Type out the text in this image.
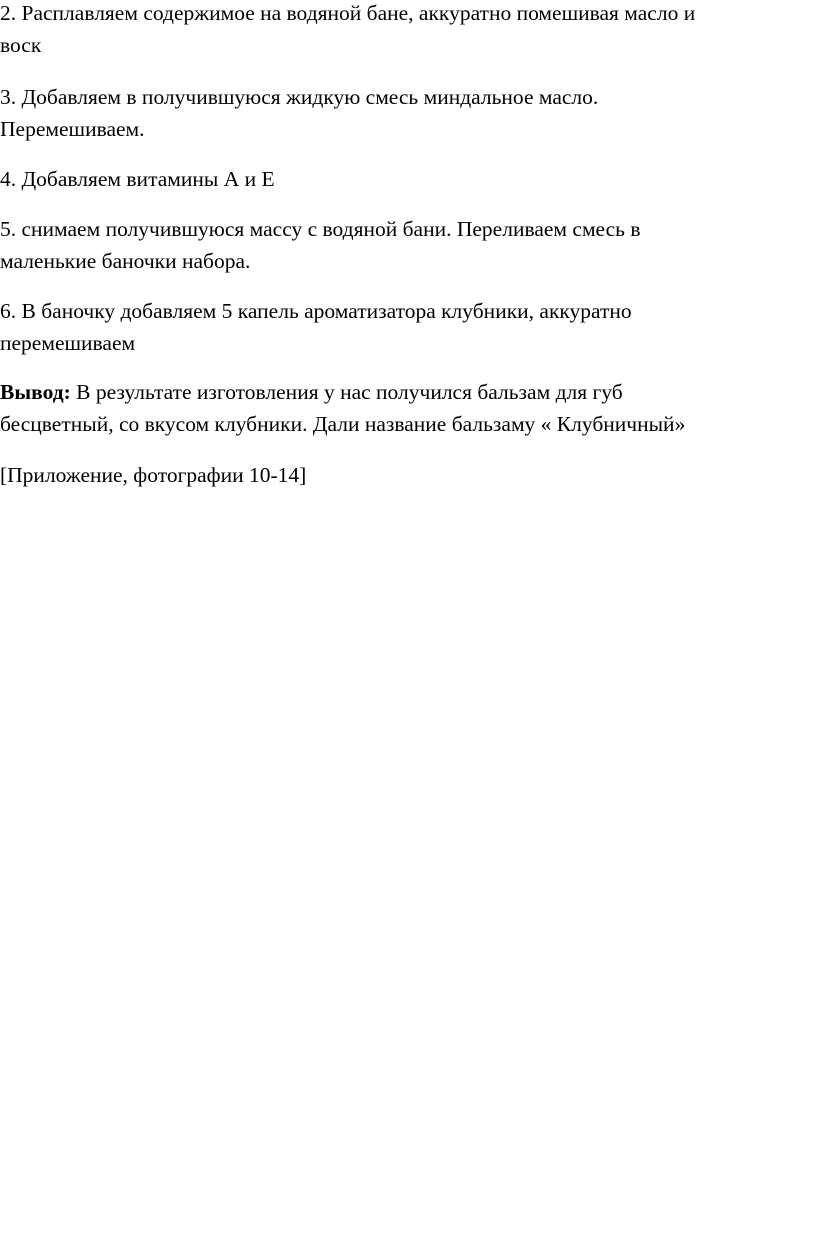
2. Расплавляем содержимое на водяной бане, аккуратно помешивая масло и
воск

3. Добавляем в получившуюся жидкую смесь миндальное масло.
Перемешиваем.

4. Добавляем витамины А и Е

5. снимаем получившуюся массу с водяной бани. Переливаем смесь в
маленькие баночки набора.

6. В баночку добавляем 5 капель ароматизатора клубники, аккуратно
перемешиваем

Вывод: В результате изготовления у нас получился бальзам для губ
бесцветный, со вкусом клубники. Дали название бальзаму « Клубничный»

[Приложение, фотографии 10-14]
